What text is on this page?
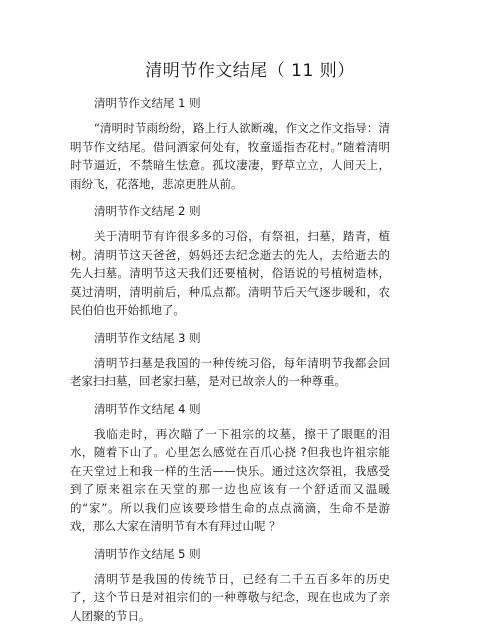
清明节作文结尾（ 11 则）
清明节作文结尾 1 则
“清明时节雨纷纷，路上行人欲断魂，作文之作文指导：清明节作文结尾。借问酒家何处有，牧童遥指杏花村。”随着清明时节逼近，不禁暗生怯意。孤坟凄凄，野草立立，人间天上，雨纷飞，花落地，悲凉更胜从前。
清明节作文结尾 2 则
关于清明节有许很多多的习俗，有祭祖，扫墓，踏青，植树。清明节这天爸爸，妈妈还去纪念逝去的先人，去给逝去的先人扫墓。清明节这天我们还要植树，俗语说的号植树造林，莫过清明，清明前后，种瓜点都。清明节后天气逐步暖和，农民伯伯也开始抓地了。
清明节作文结尾 3 则
清明节扫墓是我国的一种传统习俗，每年清明节我都会回老家扫扫墓，回老家扫墓，是对已故亲人的一种尊重。
清明节作文结尾 4 则
我临走时，再次瞄了一下祖宗的坟墓，擦干了眼眶的泪水，随着下山了。心里怎么感觉在百爪心挠 ?但我也许祖宗能在天堂过上和我一样的生活——快乐。通过这次祭祖，我感受到了原来祖宗在天堂的那一边也应该有一个舒适而又温暖的“家”。所以我们应该要珍惜生命的点点滴滴，生命不是游戏，那么大家在清明节有木有拜过山呢 ？
清明节作文结尾 5 则
清明节是我国的传统节日，已经有二千五百多年的历史了，这个节日是对祖宗们的一种尊敬与纪念，现在也成为了亲人团聚的节日。
